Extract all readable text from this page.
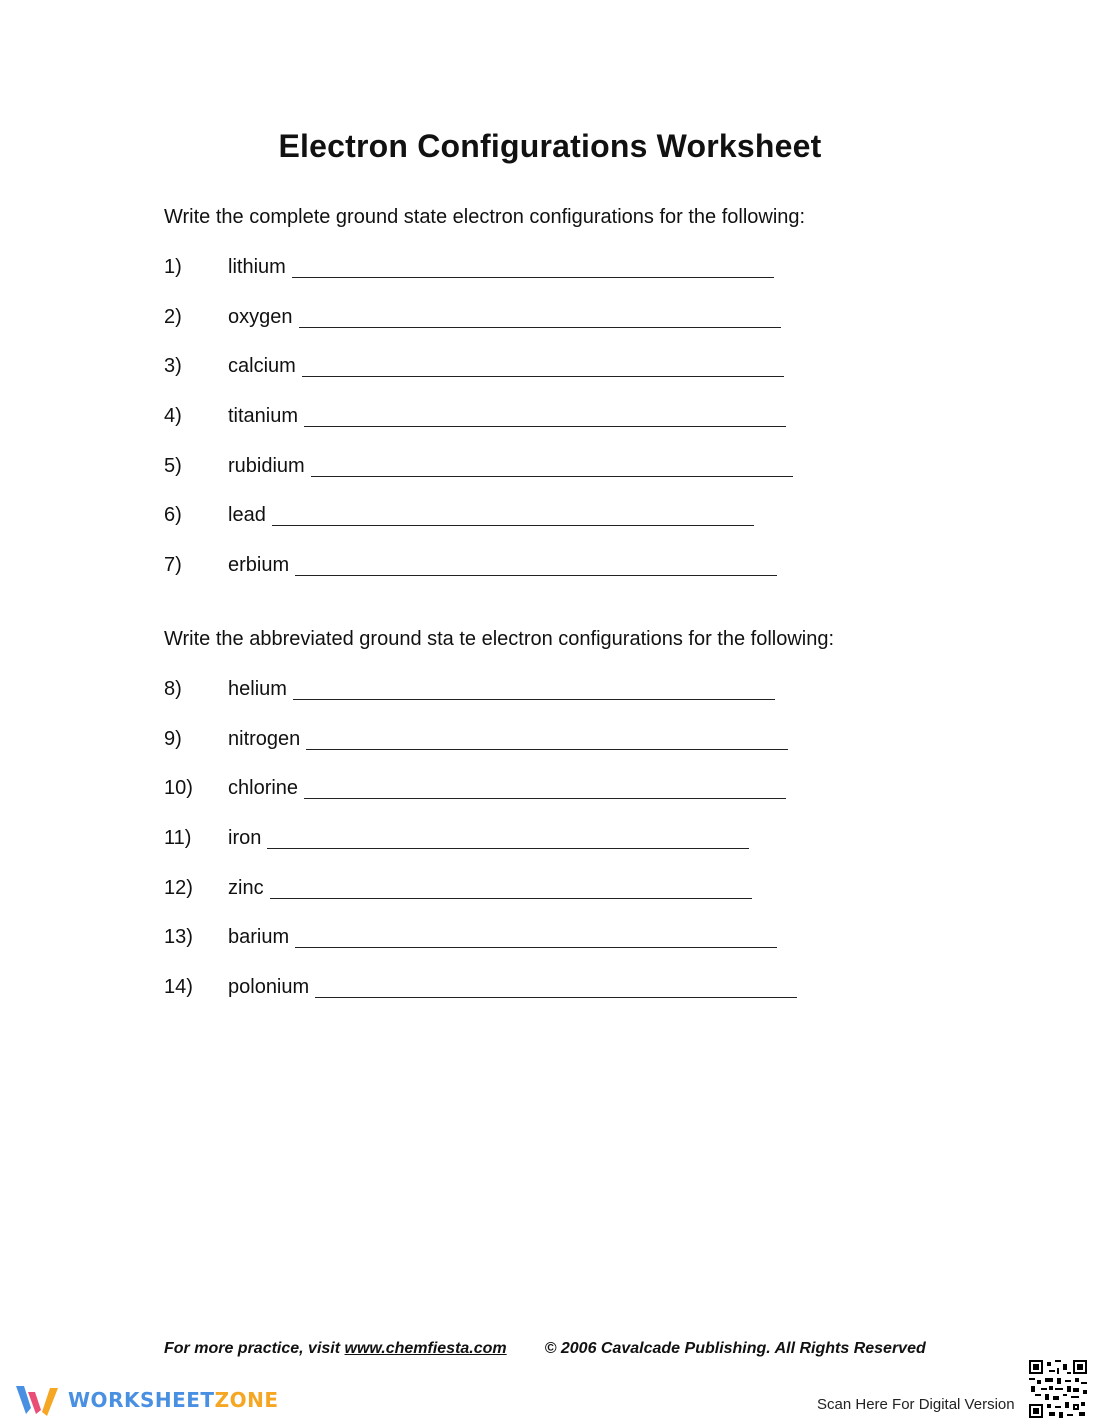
Electron Configurations Worksheet
Write the complete ground state electron configurations for the following:
1)	lithium
2)	oxygen
3)	calcium
4)	titanium
5)	rubidium
6)	lead
7)	erbium
Write the abbreviated ground sta te electron configurations for the following:
8)	helium
9)	nitrogen
10)	chlorine
11)	iron
12)	zinc
13)	barium
14)	polonium
For more practice, visit www.chemfiesta.com © 2006 Cavalcade Publishing. All Rights Reserved
WORKSHEETZONE	Scan Here For Digital Version
